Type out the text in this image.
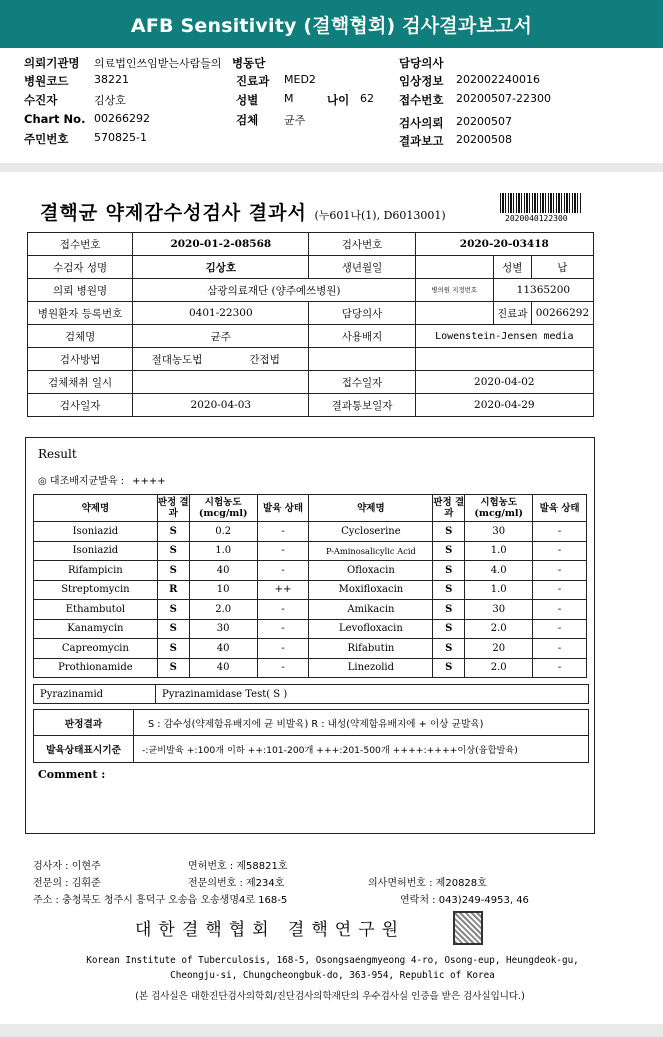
AFB Sensitivity (결핵협회) 검사결과보고서
의뢰기관명 의료법인쓰임받는사람들의 병동단
병원코드 38221	진료과 MED2
수진자	김상호	성별 M	나이 62
Chart No. 00266292	검체 균주
주민번호 570825-1
담당의사
임상정보 202002240016
접수번호 20200507-22300
검사의뢰 20200507
결과보고 20200508
결핵균 약제감수성검사 결과서 (누601나(1), D6013001)	2020040122300
접수번호	2020-01-2-08568		검사번호	2020-20-03418		
수검자 성명	김상호		생년월일		성별	남
의뢰 병원명	삼광의료재단 (양주예쓰병원)			병의원 지정번호	11365200	
병원환자 등록번호	0401-22300		담당의사		진료과	00266292
검체명	균주		사용배지	Lowenstein-Jensen media		
검사방법	절대농도법	간접법				
검체채취 일시			접수일자	2020-04-02		
검사일자	2020-04-03		결과통보일자	2020-04-29		
Result
◎ 대조배지균발육 : ++++
약제명	판정 결과	시험농도 (mcg/ml)	발육 상태	약제명	판정 결과	시험농도 (mcg/ml)	발육 상태
Isoniazid	S	0.2	-	Cycloserine	S	30	-
Isoniazid	S	1.0	-	P-Aminosalicylic Acid	S	1.0	-
Rifampicin	S	40	-	Ofloxacin	S	4.0	-
Streptomycin	R	10	++	Moxifloxacin	S	1.0	-
Ethambutol	S	2.0	-	Amikacin	S	30	-
Kanamycin	S	30	-	Levofloxacin	S	2.0	-
Capreomycin	S	40	-	Rifabutin	S	20	-
Prothionamide	S	40	-	Linezolid	S	2.0	-
Pyrazinamid	Pyrazinamidase Test( S )
판정결과	S : 감수성(약제함유배지에 균 비발육) R : 내성(약제함유배지에 + 이상 균발육)
발육상태표시기준	-:균비발육 +:100개 이하 ++:101-200개 +++:201-500개 ++++:++++이상(융합발육)
Comment :
검사자 : 이현주	면허번호 : 제58821호
전문의 : 김휘준	전문의번호 : 제234호	의사면허번호 : 제20828호
주소 : 충청북도 청주시 흥덕구 오송읍 오송생명4로 168-5	연락처 : 043)249-4953, 46
대한결핵협회 결핵연구원
Korean Institute of Tuberculosis, 168-5, Osongsaengmyeong 4-ro, Osong-eup, Heungdeok-gu,
Cheongju-si, Chungcheongbuk-do, 363-954, Republic of Korea
(본 검사실은 대한진단검사의학회/진단검사의학재단의 우수검사실 인증을 받은 검사실입니다.)
